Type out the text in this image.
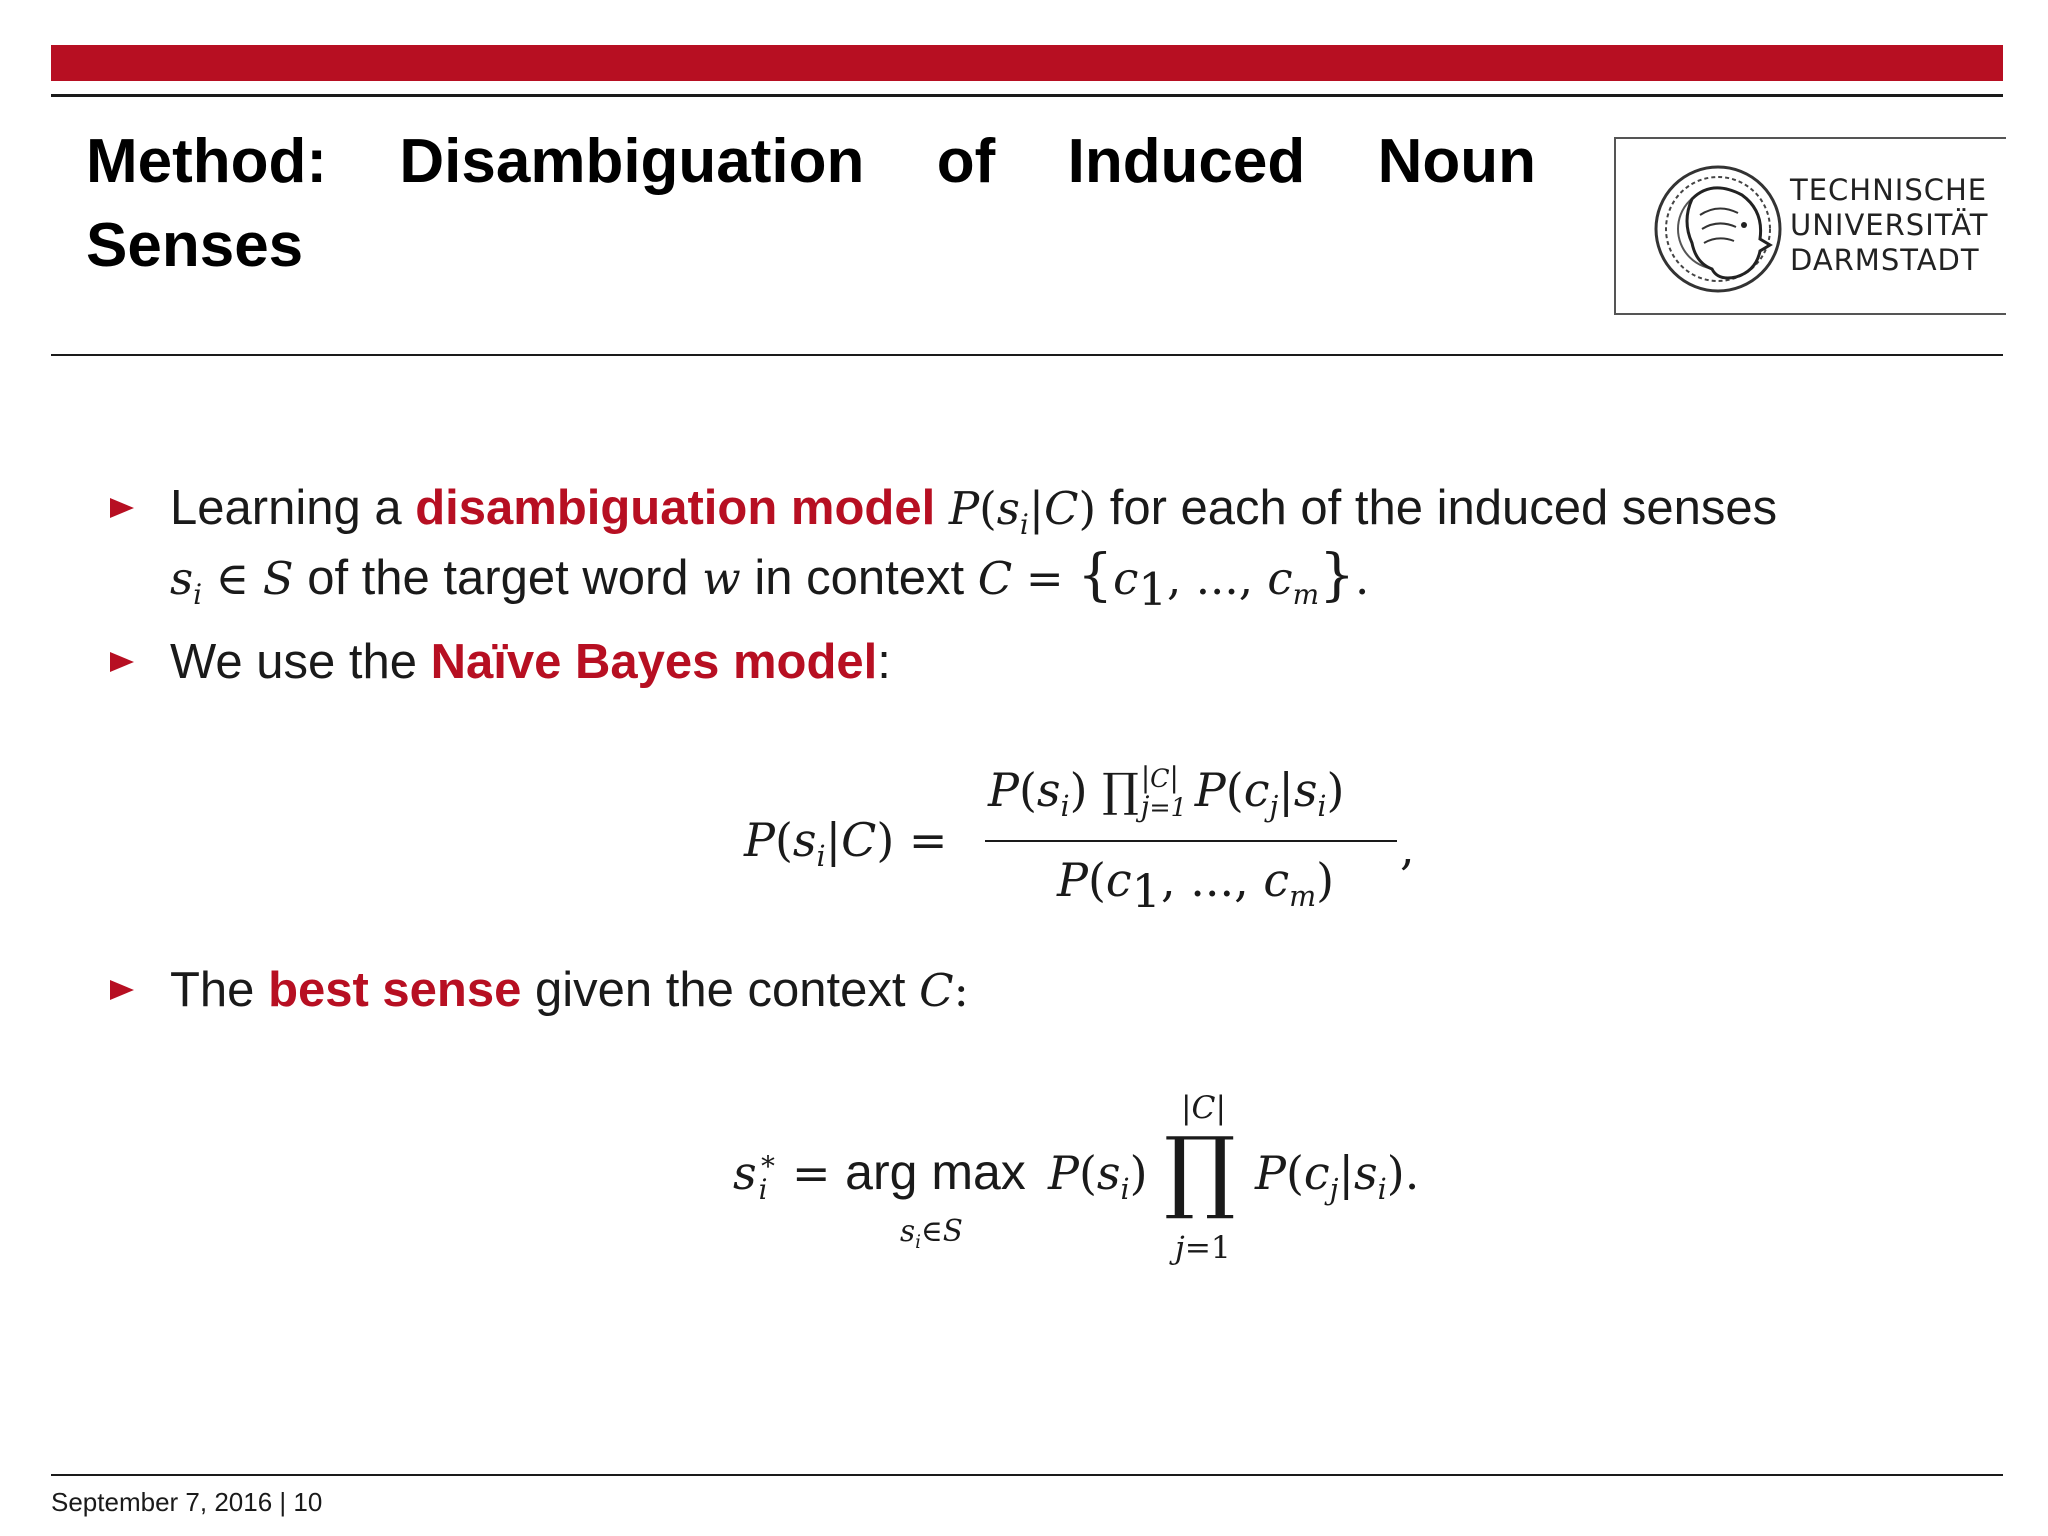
Method: Disambiguation of Induced Noun Senses
TECHNISCHE
UNIVERSITÄT
DARMSTADT
Learning a disambiguation model $P(s_i|C)$ for each of the induced senses
$s_i$ ∈ S of the target word w in context $C = \{c_1$, ..., $c_m$}.
We use the Naïve Bayes model:
$P(s_i|C)$ =
$P(s_i)$ ∏ |C|
j=1 $P(c_j|s_i)$
,
$P(c_1$, ..., $c_m$)
The best sense given the context C:
s ∗
i = arg max
$s_i\in S$
$P(s_i)$
|C|
∏
j=1
$P(c_j|s_i)$.
September 7, 2016 | 10
